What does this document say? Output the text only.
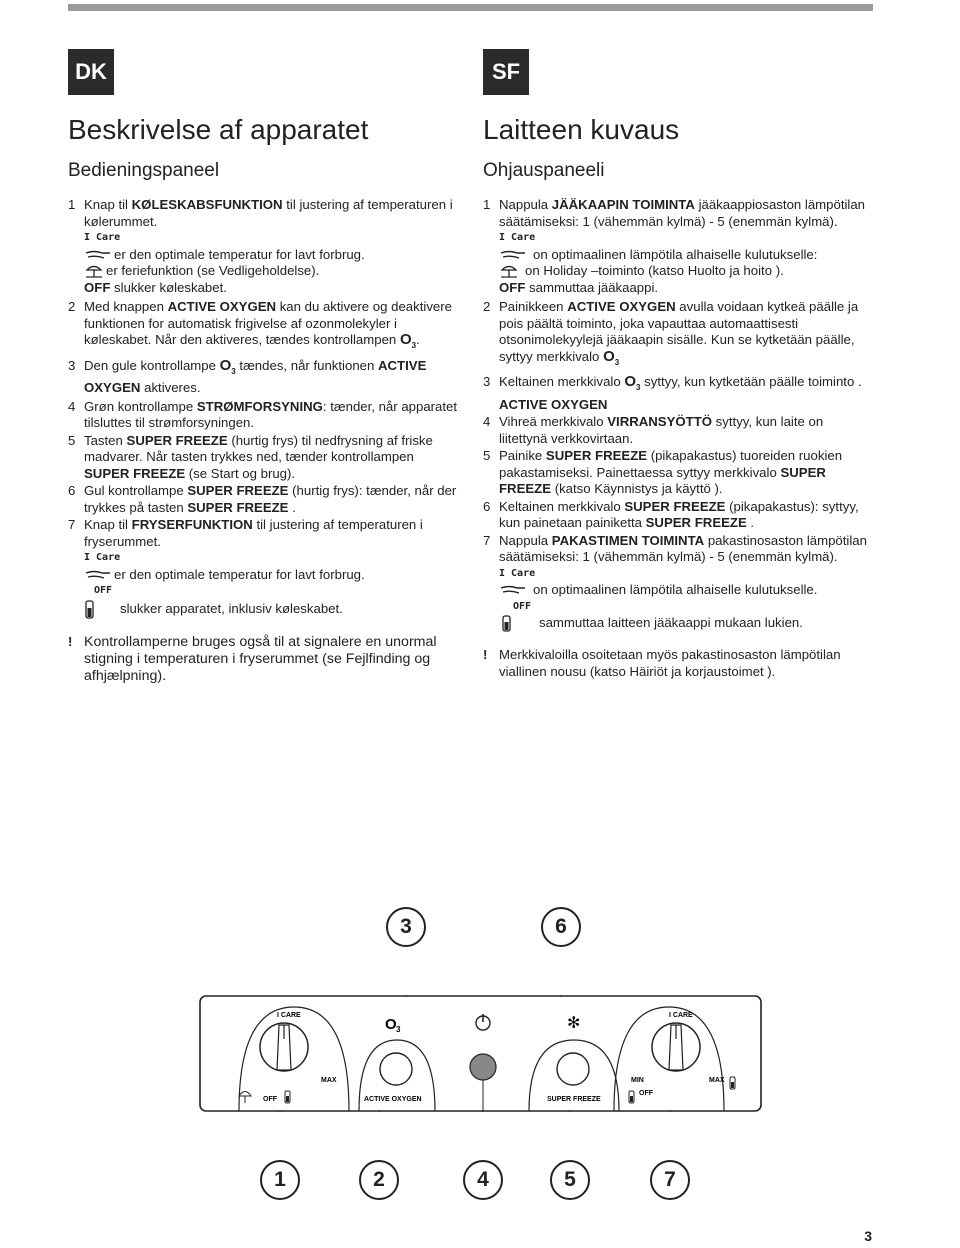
DK
Beskrivelse af apparatet
Bedieningspaneel
1 Knap til KØLESKABSFUNKTION til justering af temperaturen i kølerummet.
I Care
er den optimale temperatur for lavt forbrug.
er feriefunktion (se Vedligeholdelse).
OFF slukker køleskabet.
2 Med knappen ACTIVE OXYGEN kan du aktivere og deaktivere funktionen for automatisk frigivelse af ozonmolekyler i køleskabet. Når den aktiveres, tændes kontrollampen $O_3$.
3 Den gule kontrollampe $O_3$ tændes, når funktionen ACTIVE OXYGEN aktiveres.
4 Grøn kontrollampe STRØMFORSYNING: tænder, når apparatet tilsluttes til strømforsyningen.
5 Tasten SUPER FREEZE (hurtig frys) til nedfrysning af friske madvarer. Når tasten trykkes ned, tænder kontrollampen SUPER FREEZE (se Start og brug).
6 Gul kontrollampe SUPER FREEZE (hurtig frys): tænder, når der trykkes på tasten SUPER FREEZE .
7 Knap til FRYSERFUNKTION til justering af temperaturen i fryserummet.
I Care
er den optimale temperatur for lavt forbrug.
OFF
slukker apparatet, inklusiv køleskabet.
! Kontrollamperne bruges også til at signalere en unormal stigning i temperaturen i fryserummet (se Fejlfinding og afhjælpning).
SF
Laitteen kuvaus
Ohjauspaneeli
1 Nappula JÄÄKAAPIN TOIMINTA jääkaappiosaston lämpötilan säätämiseksi: 1 (vähemmän kylmä) - 5 (enemmän kylmä).
I Care
on optimaalinen lämpötila alhaiselle kulutukselle:
on Holiday –toiminto (katso Huolto ja hoito ).
OFF sammuttaa jääkaappi.
2 Painikkeen ACTIVE OXYGEN avulla voidaan kytkeä päälle ja pois päältä toiminto, joka vapauttaa automaattisesti otsonimolekyylejä jääkaapin sisälle. Kun se kytketään päälle, syttyy merkkivalo $O_3$
3 Keltainen merkkivalo $O_3$ syttyy, kun kytketään päälle toiminto .
ACTIVE OXYGEN
4 Vihreä merkkivalo VIRRANSYÖTTÖ syttyy, kun laite on liitettynä verkkovirtaan.
5 Painike SUPER FREEZE (pikapakastus) tuoreiden ruokien pakastamiseksi. Painettaessa syttyy merkkivalo SUPER FREEZE (katso Käynnistys ja käyttö ).
6 Keltainen merkkivalo SUPER FREEZE (pikapakastus): syttyy, kun painetaan painiketta SUPER FREEZE .
7 Nappula PAKASTIMEN TOIMINTA pakastinosaston lämpötilan säätämiseksi: 1 (vähemmän kylmä) - 5 (enemmän kylmä).
I Care
on optimaalinen lämpötila alhaiselle kulutukselle.
OFF
sammuttaa laitteen jääkaappi mukaan lukien.
! Merkkivaloilla osoitetaan myös pakastinosaston lämpötilan viallinen nousu (katso Häiriöt ja korjaustoimet ).
3	6
O 3	✻
I CARE	I CARE
MAX	MAX
MIN
ACTIVE OXYGEN	SUPER FREEZE
OFF
OFF
1	2	4	5	7
3
